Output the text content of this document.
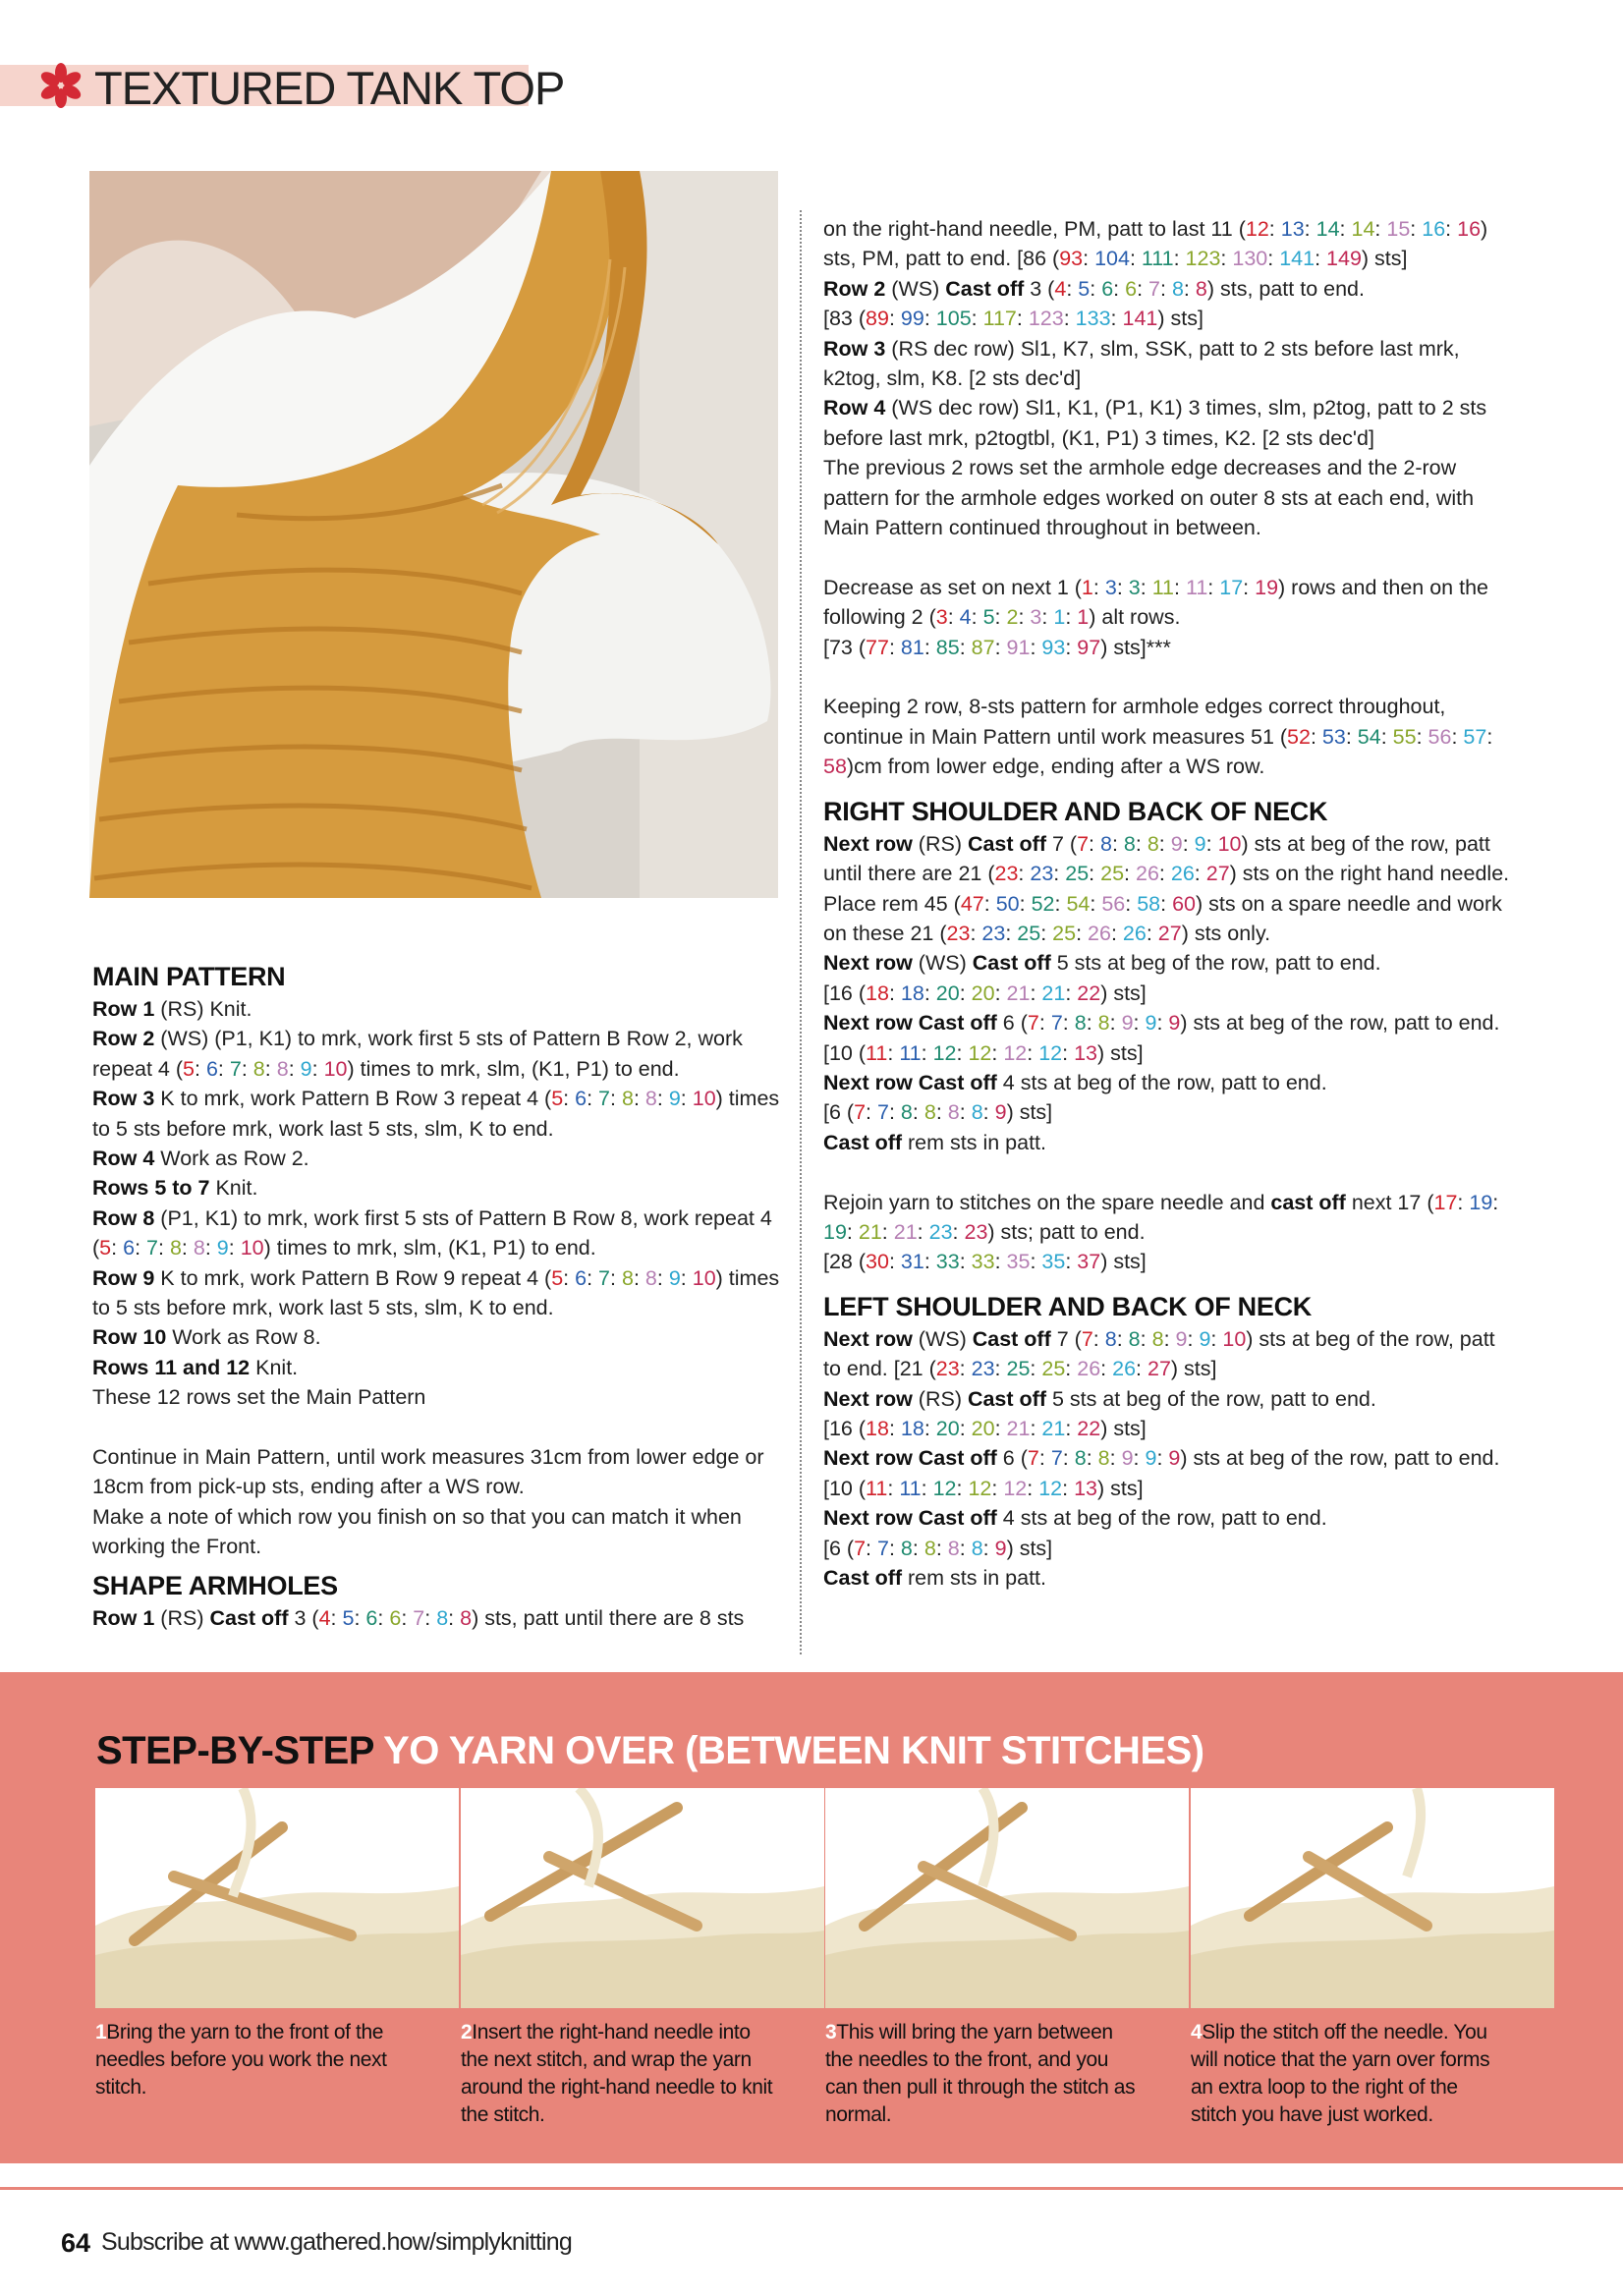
TEXTURED TANK TOP
MAIN PATTERN

Row 1 (RS) Knit.

Row 2 (WS) (P1, K1) to mrk, work first 5 sts of Pattern B Row 2, work repeat 4 (5: 6: 7: 8: 8: 9: 10) times to mrk, slm, (K1, P1) to end.

Row 3 K to mrk, work Pattern B Row 3 repeat 4 (5: 6: 7: 8: 8: 9: 10) times to 5 sts before mrk, work last 5 sts, slm, K to end.

Row 4 Work as Row 2.

Rows 5 to 7 Knit.

Row 8 (P1, K1) to mrk, work first 5 sts of Pattern B Row 8, work repeat 4 (5: 6: 7: 8: 8: 9: 10) times to mrk, slm, (K1, P1) to end.

Row 9 K to mrk, work Pattern B Row 9 repeat 4 (5: 6: 7: 8: 8: 9: 10) times to 5 sts before mrk, work last 5 sts, slm, K to end.

Row 10 Work as Row 8.

Rows 11 and 12 Knit.

These 12 rows set the Main Pattern

Continue in Main Pattern, until work measures 31cm from lower edge or 18cm from pick-up sts, ending after a WS row.

Make a note of which row you finish on so that you can match it when working the Front.

SHAPE ARMHOLES

Row 1 (RS) Cast off 3 (4: 5: 6: 6: 7: 8: 8) sts, patt until there are 8 sts

on the right-hand needle, PM, patt to last 11 (12: 13: 14: 14: 15: 16: 16) sts, PM, patt to end. [86 (93: 104: 111: 123: 130: 141: 149) sts]

Row 2 (WS) Cast off 3 (4: 5: 6: 6: 7: 8: 8) sts, patt to end.

[83 (89: 99: 105: 117: 123: 133: 141) sts]

Row 3 (RS dec row) Sl1, K7, slm, SSK, patt to 2 sts before last mrk, k2tog, slm, K8. [2 sts dec'd]

Row 4 (WS dec row) Sl1, K1, (P1, K1) 3 times, slm, p2tog, patt to 2 sts before last mrk, p2togtbl, (K1, P1) 3 times, K2. [2 sts dec'd]

The previous 2 rows set the armhole edge decreases and the 2-row pattern for the armhole edges worked on outer 8 sts at each end, with Main Pattern continued throughout in between.

Decrease as set on next 1 (1: 3: 3: 11: 11: 17: 19) rows and then on the following 2 (3: 4: 5: 2: 3: 1: 1) alt rows.

[73 (77: 81: 85: 87: 91: 93: 97) sts]***

Keeping 2 row, 8-sts pattern for armhole edges correct throughout, continue in Main Pattern until work measures 51 (52: 53: 54: 55: 56: 57: 58)cm from lower edge, ending after a WS row.

RIGHT SHOULDER AND BACK OF NECK

Next row (RS) Cast off 7 (7: 8: 8: 8: 9: 9: 10) sts at beg of the row, patt until there are 21 (23: 23: 25: 25: 26: 26: 27) sts on the right hand needle. Place rem 45 (47: 50: 52: 54: 56: 58: 60) sts on a spare needle and work on these 21 (23: 23: 25: 25: 26: 26: 27) sts only.

Next row (WS) Cast off 5 sts at beg of the row, patt to end.

[16 (18: 18: 20: 20: 21: 21: 22) sts]

Next row Cast off 6 (7: 7: 8: 8: 9: 9: 9) sts at beg of the row, patt to end. [10 (11: 11: 12: 12: 12: 12: 13) sts]

Next row Cast off 4 sts at beg of the row, patt to end.

[6 (7: 7: 8: 8: 8: 8: 9) sts]

Cast off rem sts in patt.

Rejoin yarn to stitches on the spare needle and cast off next 17 (17: 19: 19: 21: 21: 23: 23) sts; patt to end.

[28 (30: 31: 33: 33: 35: 35: 37) sts]

LEFT SHOULDER AND BACK OF NECK

Next row (WS) Cast off 7 (7: 8: 8: 8: 9: 9: 10) sts at beg of the row, patt to end. [21 (23: 23: 25: 25: 26: 26: 27) sts]

Next row (RS) Cast off 5 sts at beg of the row, patt to end.

[16 (18: 18: 20: 20: 21: 21: 22) sts]

Next row Cast off 6 (7: 7: 8: 8: 9: 9: 9) sts at beg of the row, patt to end. [10 (11: 11: 12: 12: 12: 12: 13) sts]

Next row Cast off 4 sts at beg of the row, patt to end.

[6 (7: 7: 8: 8: 8: 8: 9) sts]

Cast off rem sts in patt.

STEP-BY-STEP YO YARN OVER (BETWEEN KNIT STITCHES)
1Bring the yarn to the front of the needles before you work the next stitch.
2Insert the right-hand needle into the next stitch, and wrap the yarn around the right-hand needle to knit the stitch.
3This will bring the yarn between the needles to the front, and you can then pull it through the stitch as normal.
4Slip the stitch off the needle. You will notice that the yarn over forms an extra loop to the right of the stitch you have just worked.
64 Subscribe at www.gathered.how/simplyknitting
